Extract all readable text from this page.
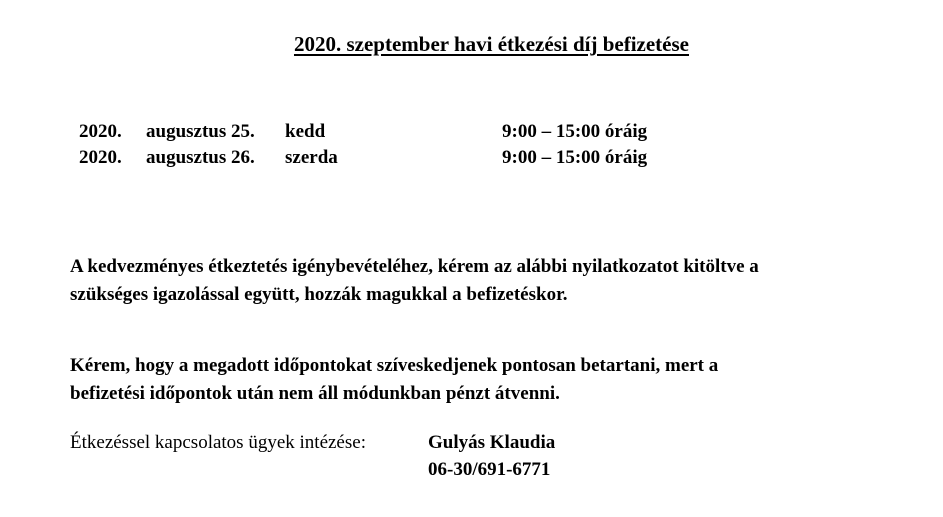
2020. szeptember havi étkezési díj befizetése
2020. augusztus 25. kedd	9:00 – 15:00 óráig
2020. augusztus 26. szerda	9:00 – 15:00 óráig
A kedvezményes étkeztetés igénybevételéhez, kérem az alábbi nyilatkozatot kitöltve a
szükséges igazolással együtt, hozzák magukkal a befizetéskor.
Kérem, hogy a megadott időpontokat szíveskedjenek pontosan betartani, mert a
befizetési időpontok után nem áll módunkban pénzt átvenni.
Étkezéssel kapcsolatos ügyek intézése:	Gulyás Klaudia
06-30/691-6771
